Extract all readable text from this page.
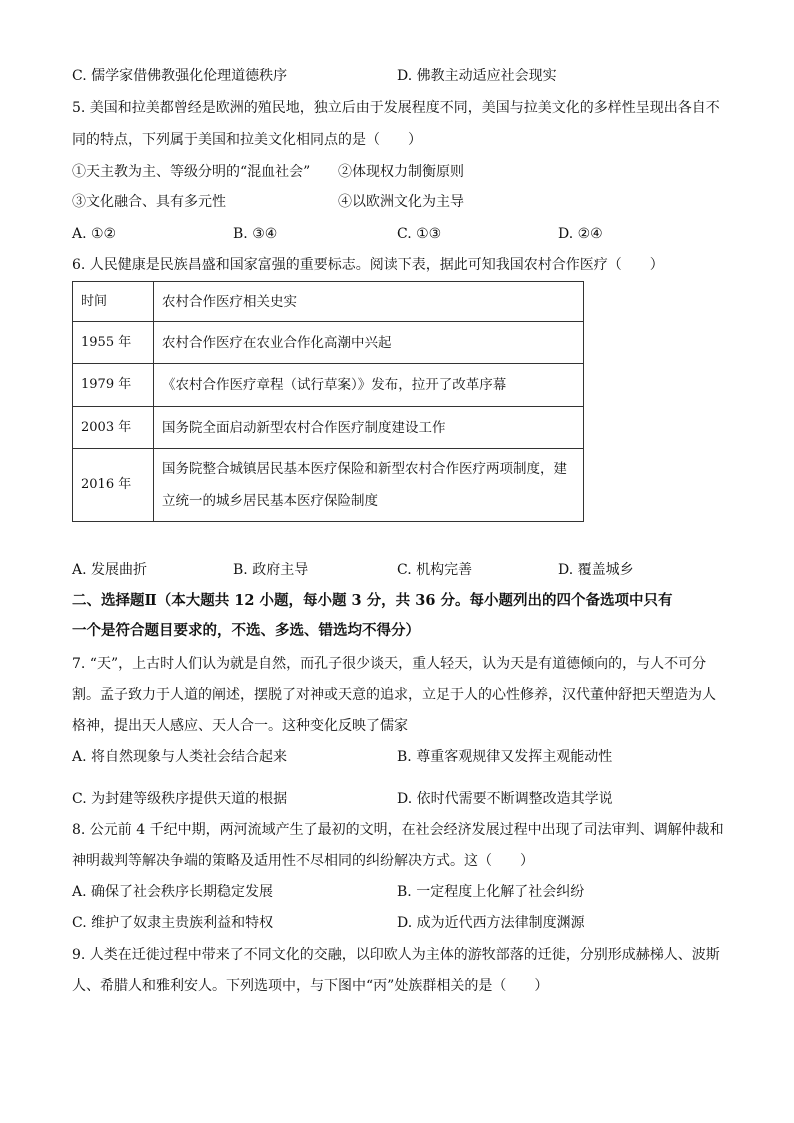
C. 儒学家借佛教强化伦理道德秩序	D. 佛教主动适应社会现实
5. 美国和拉美都曾经是欧洲的殖民地，独立后由于发展程度不同，美国与拉美文化的多样性呈现出各自不
同的特点，下列属于美国和拉美文化相同点的是（　　）
①天主教为主、等级分明的“混血社会” ②体现权力制衡原则
③文化融合、具有多元性	④以欧洲文化为主导
A. ①②	B. ③④	C. ①③	D. ②④
6. 人民健康是民族昌盛和国家富强的重要标志。阅读下表，据此可知我国农村合作医疗（　　）
时间	农村合作医疗相关史实
1955 年	农村合作医疗在农业合作化高潮中兴起
1979 年	《农村合作医疗章程（试行草案）》发布，拉开了改革序幕
2003 年	国务院全面启动新型农村合作医疗制度建设工作
2016 年	国务院整合城镇居民基本医疗保险和新型农村合作医疗两项制度，建
立统一的城乡居民基本医疗保险制度
A. 发展曲折	B. 政府主导	C. 机构完善	D. 覆盖城乡
二、选择题Ⅱ（本大题共 12 小题，每小题 3 分，共 36 分。每小题列出的四个备选项中只有
一个是符合题目要求的，不选、多选、错选均不得分）
7. “天”，上古时人们认为就是自然，而孔子很少谈天，重人轻天，认为天是有道德倾向的，与人不可分
割。孟子致力于人道的阐述，摆脱了对神或天意的追求，立足于人的心性修养，汉代董仲舒把天塑造为人
格神，提出天人感应、天人合一。这种变化反映了儒家
A. 将自然现象与人类社会结合起来	B. 尊重客观规律又发挥主观能动性
C. 为封建等级秩序提供天道的根据	D. 依时代需要不断调整改造其学说
8. 公元前 4 千纪中期，两河流域产生了最初的文明，在社会经济发展过程中出现了司法审判、调解仲裁和
神明裁判等解决争端的策略及适用性不尽相同的纠纷解决方式。这（　　）
A. 确保了社会秩序长期稳定发展	B. 一定程度上化解了社会纠纷
C. 维护了奴隶主贵族利益和特权	D. 成为近代西方法律制度渊源
9. 人类在迁徙过程中带来了不同文化的交融，以印欧人为主体的游牧部落的迁徙，分别形成赫梯人、波斯
人、希腊人和雅利安人。下列选项中，与下图中“丙”处族群相关的是（　　）
